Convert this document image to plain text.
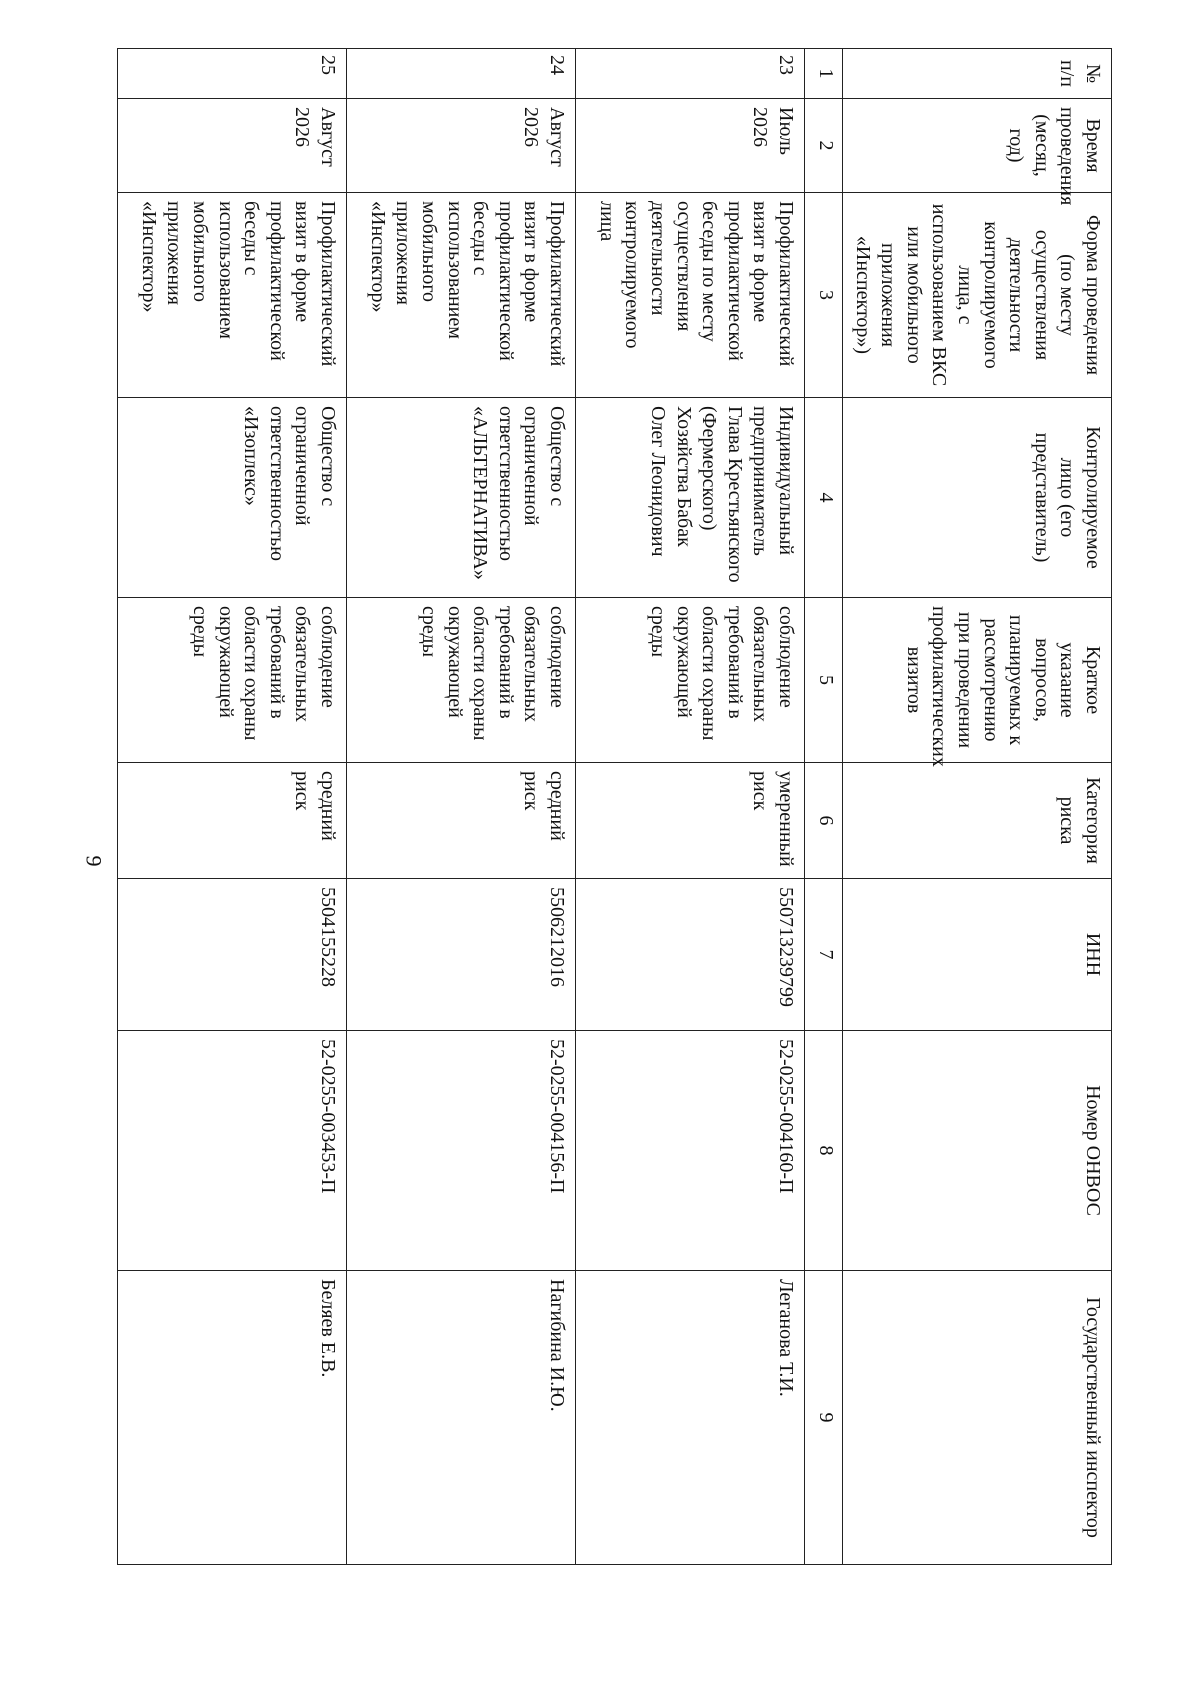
9
№ п/п	Время проведения (месяц, год)	Форма проведения (по месту осуществления деятельности контролируемого лица, с использованием ВКС или мобильного приложения «Инспектор»)	Контролируемое лицо (его представитель)	Краткое указание вопросов, планируемых к рассмотрению при проведении профилактических визитов	Категория риска	ИНН	Номер ОНВОС	Государственный инспектор
1	2	3	4	5	6	7	8	9
23	Июль 2026	Профилактический визит в форме профилактической беседы по месту осуществления деятельности контролируемого лица	Индивидуальный предприниматель Глава Крестьянского (Фермерского) Хозяйства Бабак Олег Леонидович	соблюдение обязательных требований в области охраны окружающей среды	умеренный риск	550713239799	52-0255-004160-П	Леганова Т.И.
24	Август 2026	Профилактический визит в форме профилактической беседы с использованием мобильного приложения «Инспектор»	Общество с ограниченной ответственностью «АЛЬТЕРНАТИВА»	соблюдение обязательных требований в области охраны окружающей среды	средний риск	5506212016	52-0255-004156-П	Нагибина И.Ю.
25	Август 2026	Профилактический визит в форме профилактической беседы с использованием мобильного приложения «Инспектор»	Общество с ограниченной ответственностью «Изоплекс»	соблюдение обязательных требований в области охраны окружающей среды	средний риск	5504155228	52-0255-003453-П	Беляев Е.В.
